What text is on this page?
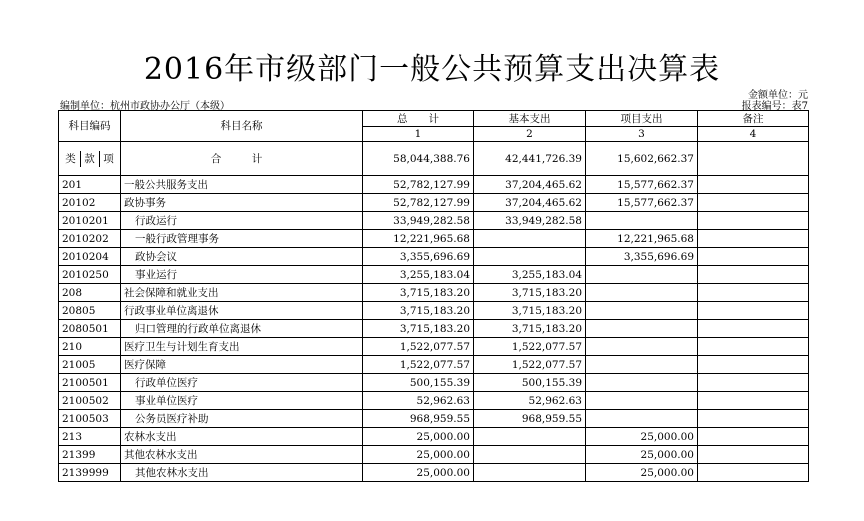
2016年市级部门一般公共预算支出决算表
金额单位：元
编制单位：杭州市政协办公厅（本级）	报表编号：表7
科目编码	科目名称	总　　计	基本支出	项目支出	备注
		1	2	3	4
类 款 项	合　计	58,044,388.76	42,441,726.39	15,602,662.37	
201	一般公共服务支出	52,782,127.99	37,204,465.62	15,577,662.37	
20102	政协事务	52,782,127.99	37,204,465.62	15,577,662.37	
2010201	行政运行	33,949,282.58	33,949,282.58		
2010202	一般行政管理事务	12,221,965.68		12,221,965.68	
2010204	政协会议	3,355,696.69		3,355,696.69	
2010250	事业运行	3,255,183.04	3,255,183.04		
208	社会保障和就业支出	3,715,183.20	3,715,183.20		
20805	行政事业单位离退休	3,715,183.20	3,715,183.20		
2080501	归口管理的行政单位离退休	3,715,183.20	3,715,183.20		
210	医疗卫生与计划生育支出	1,522,077.57	1,522,077.57		
21005	医疗保障	1,522,077.57	1,522,077.57		
2100501	行政单位医疗	500,155.39	500,155.39		
2100502	事业单位医疗	52,962.63	52,962.63		
2100503	公务员医疗补助	968,959.55	968,959.55		
213	农林水支出	25,000.00		25,000.00	
21399	其他农林水支出	25,000.00		25,000.00	
2139999	其他农林水支出	25,000.00		25,000.00	
